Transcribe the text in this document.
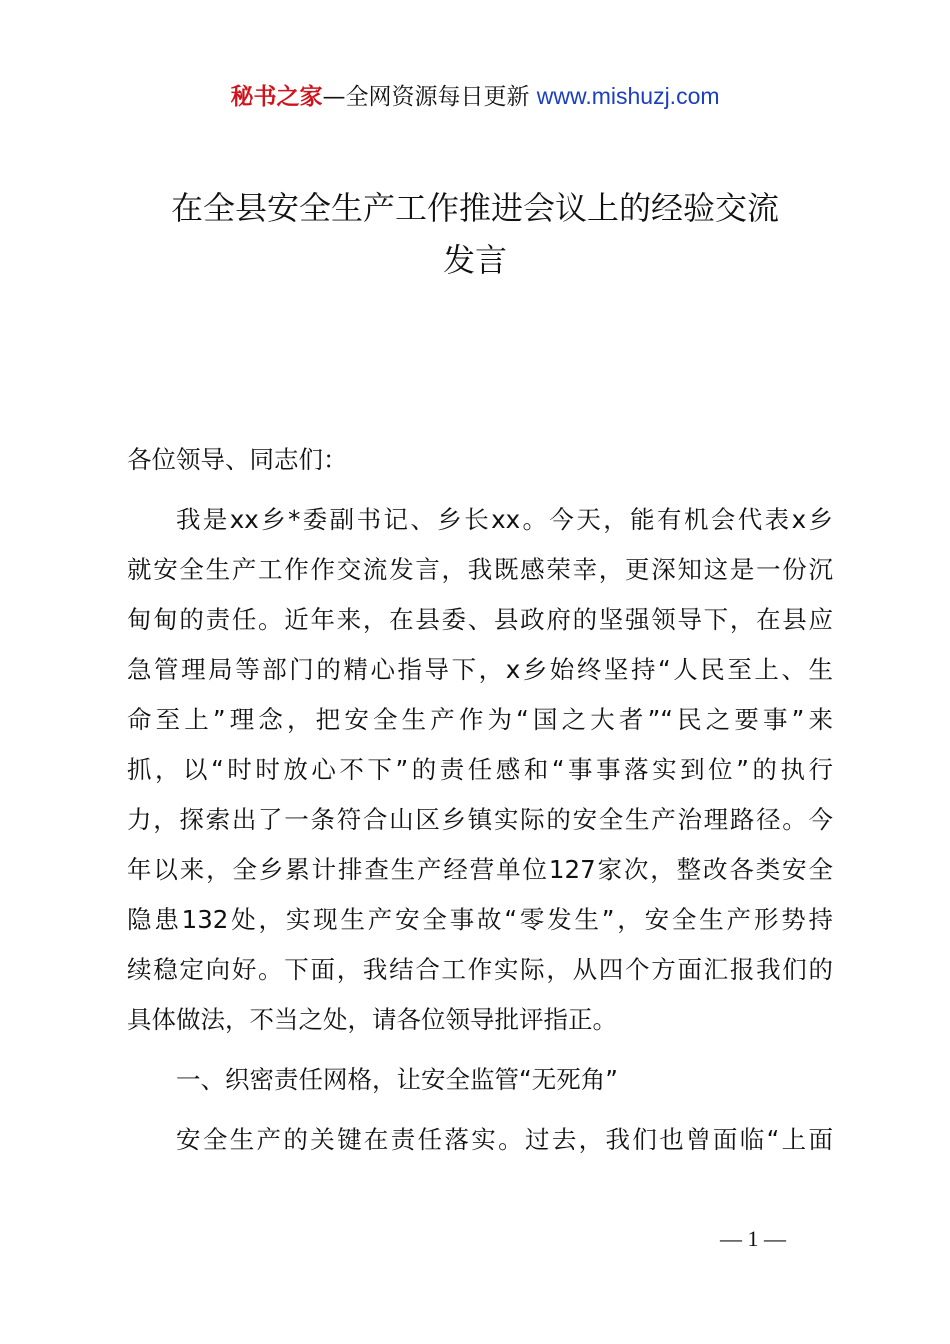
秘书之家—全网资源每日更新 www.mishuzj.com
在全县安全生产工作推进会议上的经验交流
发言
各位领导、同志们：
我是xx乡*委副书记、乡长xx。今天，能有机会代表x乡
就安全生产工作作交流发言，我既感荣幸，更深知这是一份沉
甸甸的责任。近年来，在县委、县政府的坚强领导下，在县应
急管理局等部门的精心指导下，x乡始终坚持“人民至上、生
命至上”理念，把安全生产作为“国之大者”“民之要事”来
抓，以“时时放心不下”的责任感和“事事落实到位”的执行
力，探索出了一条符合山区乡镇实际的安全生产治理路径。今
年以来，全乡累计排查生产经营单位127家次，整改各类安全
隐患132处，实现生产安全事故“零发生”，安全生产形势持
续稳定向好。下面，我结合工作实际，从四个方面汇报我们的
具体做法，不当之处，请各位领导批评指正。
一、织密责任网格，让安全监管“无死角”
安全生产的关键在责任落实。过去，我们也曾面临“上面
— 1 —
